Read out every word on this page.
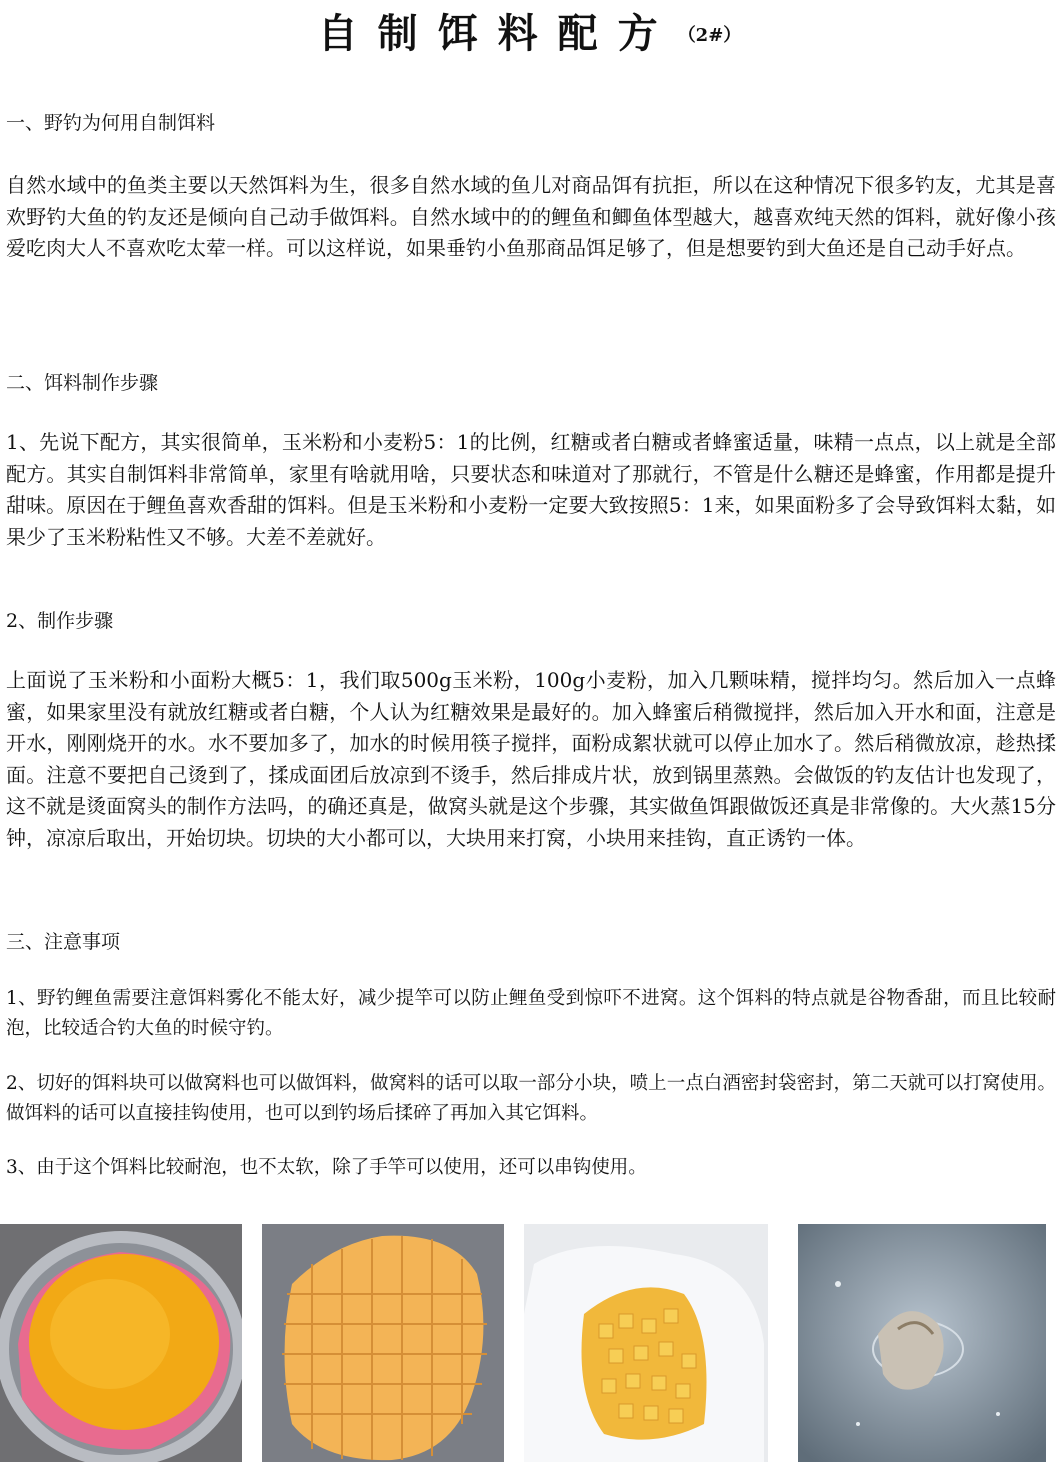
自制饵料配方（2#）
一、野钓为何用自制饵料

自然水域中的鱼类主要以天然饵料为生，很多自然水域的鱼儿对商品饵有抗拒，所以在这种情况下很多钓友，尤其是喜欢野钓大鱼的钓友还是倾向自己动手做饵料。自然水域中的的鲤鱼和鲫鱼体型越大，越喜欢纯天然的饵料，就好像小孩爱吃肉大人不喜欢吃太荤一样。可以这样说，如果垂钓小鱼那商品饵足够了，但是想要钓到大鱼还是自己动手好点。

二、饵料制作步骤

1、先说下配方，其实很简单，玉米粉和小麦粉5：1的比例，红糖或者白糖或者蜂蜜适量，味精一点点，以上就是全部配方。其实自制饵料非常简单，家里有啥就用啥，只要状态和味道对了那就行，不管是什么糖还是蜂蜜，作用都是提升甜味。原因在于鲤鱼喜欢香甜的饵料。但是玉米粉和小麦粉一定要大致按照5：1来，如果面粉多了会导致饵料太黏，如果少了玉米粉粘性又不够。大差不差就好。

2、制作步骤

上面说了玉米粉和小面粉大概5：1，我们取500g玉米粉，100g小麦粉，加入几颗味精，搅拌均匀。然后加入一点蜂蜜，如果家里没有就放红糖或者白糖，个人认为红糖效果是最好的。加入蜂蜜后稍微搅拌，然后加入开水和面，注意是开水，刚刚烧开的水。水不要加多了，加水的时候用筷子搅拌，面粉成絮状就可以停止加水了。然后稍微放凉，趁热揉面。注意不要把自己烫到了，揉成面团后放凉到不烫手，然后排成片状，放到锅里蒸熟。会做饭的钓友估计也发现了，这不就是烫面窝头的制作方法吗，的确还真是，做窝头就是这个步骤，其实做鱼饵跟做饭还真是非常像的。大火蒸15分钟，凉凉后取出，开始切块。切块的大小都可以，大块用来打窝，小块用来挂钩，直正诱钓一体。

三、注意事项

1、野钓鲤鱼需要注意饵料雾化不能太好，减少提竿可以防止鲤鱼受到惊吓不进窝。这个饵料的特点就是谷物香甜，而且比较耐泡，比较适合钓大鱼的时候守钓。

2、切好的饵料块可以做窝料也可以做饵料，做窝料的话可以取一部分小块，喷上一点白酒密封袋密封，第二天就可以打窝使用。做饵料的话可以直接挂钩使用，也可以到钓场后揉碎了再加入其它饵料。

3、由于这个饵料比较耐泡，也不太软，除了手竿可以使用，还可以串钩使用。
